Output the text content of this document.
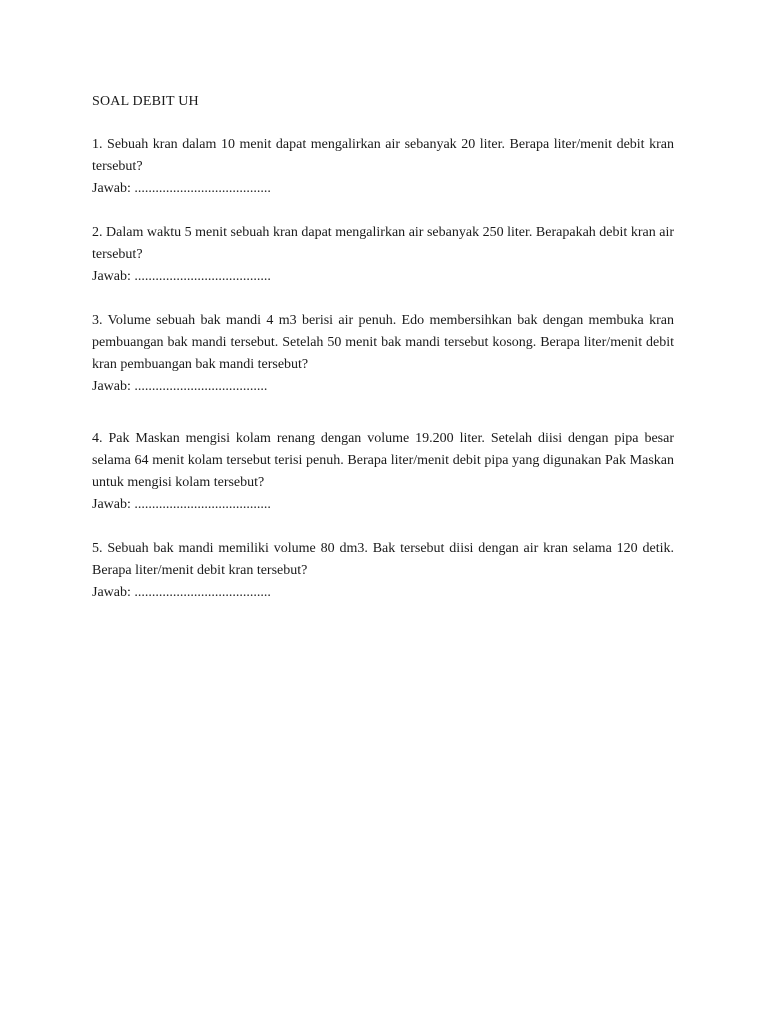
SOAL DEBIT UH

1. Sebuah kran dalam 10 menit dapat mengalirkan air sebanyak 20 liter. Berapa liter/menit debit kran tersebut?

Jawab: .......................................

2. Dalam waktu 5 menit sebuah kran dapat mengalirkan air sebanyak 250 liter. Berapakah debit kran air tersebut?

Jawab: .......................................

3. Volume sebuah bak mandi 4 m3 berisi air penuh. Edo membersihkan bak dengan membuka kran pembuangan bak mandi tersebut. Setelah 50 menit bak mandi tersebut kosong. Berapa liter/menit debit kran pembuangan bak mandi tersebut?

Jawab: ......................................

4. Pak Maskan mengisi kolam renang dengan volume 19.200 liter. Setelah diisi dengan pipa besar selama 64 menit kolam tersebut terisi penuh. Berapa liter/menit debit pipa yang digunakan Pak Maskan untuk mengisi kolam tersebut?

Jawab: .......................................

5. Sebuah bak mandi memiliki volume 80 dm3. Bak tersebut diisi dengan air kran selama 120 detik. Berapa liter/menit debit kran tersebut?

Jawab: .......................................
